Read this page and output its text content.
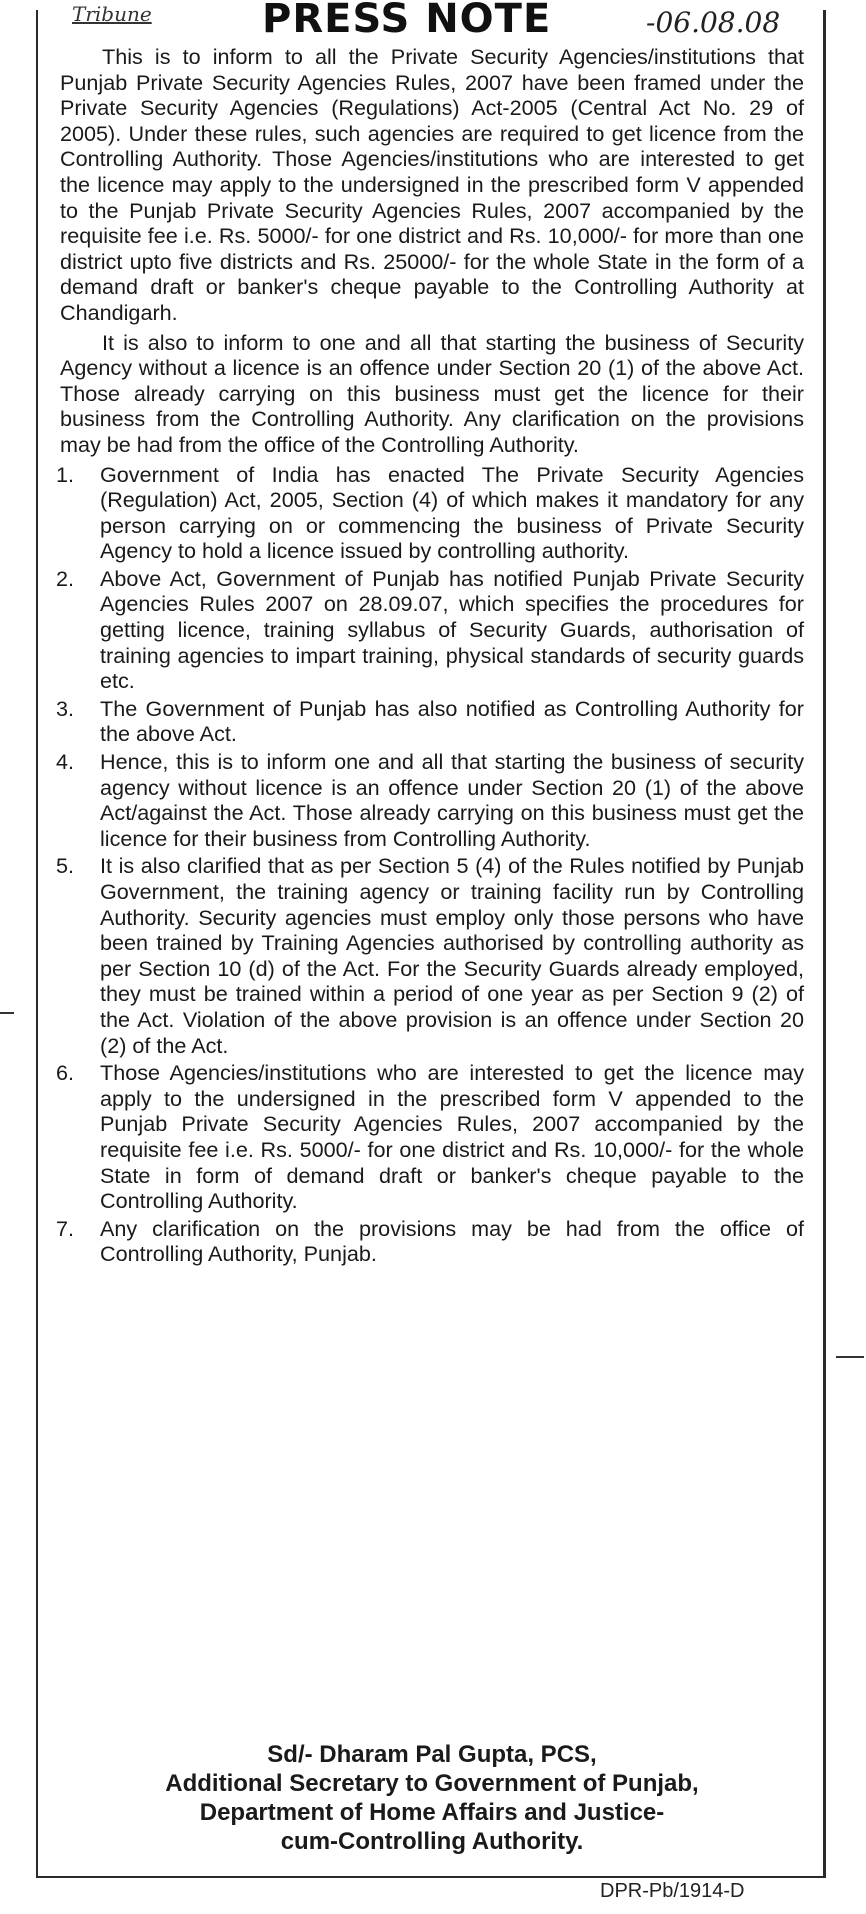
Tribune	PRESS NOTE	-06.08.08

This is to inform to all the Private Security Agencies/institutions that Punjab Private Security Agencies Rules, 2007 have been framed under the Private Security Agencies (Regulations) Act-2005 (Central Act No. 29 of 2005). Under these rules, such agencies are required to get licence from the Controlling Authority. Those Agencies/institutions who are interested to get the licence may apply to the undersigned in the prescribed form V appended to the Punjab Private Security Agencies Rules, 2007 accompanied by the requisite fee i.e. Rs. 5000/- for one district and Rs. 10,000/- for more than one district upto five districts and Rs. 25000/- for the whole State in the form of a demand draft or banker's cheque payable to the Controlling Authority at Chandigarh.

It is also to inform to one and all that starting the business of Security Agency without a licence is an offence under Section 20 (1) of the above Act. Those already carrying on this business must get the licence for their business from the Controlling Authority. Any clarification on the provisions may be had from the office of the Controlling Authority.

1. Government of India has enacted The Private Security Agencies (Regulation) Act, 2005, Section (4) of which makes it mandatory for any person carrying on or commencing the business of Private Security Agency to hold a licence issued by controlling authority.
2. Above Act, Government of Punjab has notified Punjab Private Security Agencies Rules 2007 on 28.09.07, which specifies the procedures for getting licence, training syllabus of Security Guards, authorisation of training agencies to impart training, physical standards of security guards etc.
3. The Government of Punjab has also notified as Controlling Authority for the above Act.
4. Hence, this is to inform one and all that starting the business of security agency without licence is an offence under Section 20 (1) of the above Act/against the Act. Those already carrying on this business must get the licence for their business from Controlling Authority.
5. It is also clarified that as per Section 5 (4) of the Rules notified by Punjab Government, the training agency or training facility run by Controlling Authority. Security agencies must employ only those persons who have been trained by Training Agencies authorised by controlling authority as per Section 10 (d) of the Act. For the Security Guards already employed, they must be trained within a period of one year as per Section 9 (2) of the Act. Violation of the above provision is an offence under Section 20 (2) of the Act.
6. Those Agencies/institutions who are interested to get the licence may apply to the undersigned in the prescribed form V appended to the Punjab Private Security Agencies Rules, 2007 accompanied by the requisite fee i.e. Rs. 5000/- for one district and Rs. 10,000/- for the whole State in form of demand draft or banker's cheque payable to the Controlling Authority.
7. Any clarification on the provisions may be had from the office of Controlling Authority, Punjab.
Sd/- Dharam Pal Gupta, PCS,
Additional Secretary to Government of Punjab,
Department of Home Affairs and Justice-
cum-Controlling Authority.
DPR-Pb/1914-D
